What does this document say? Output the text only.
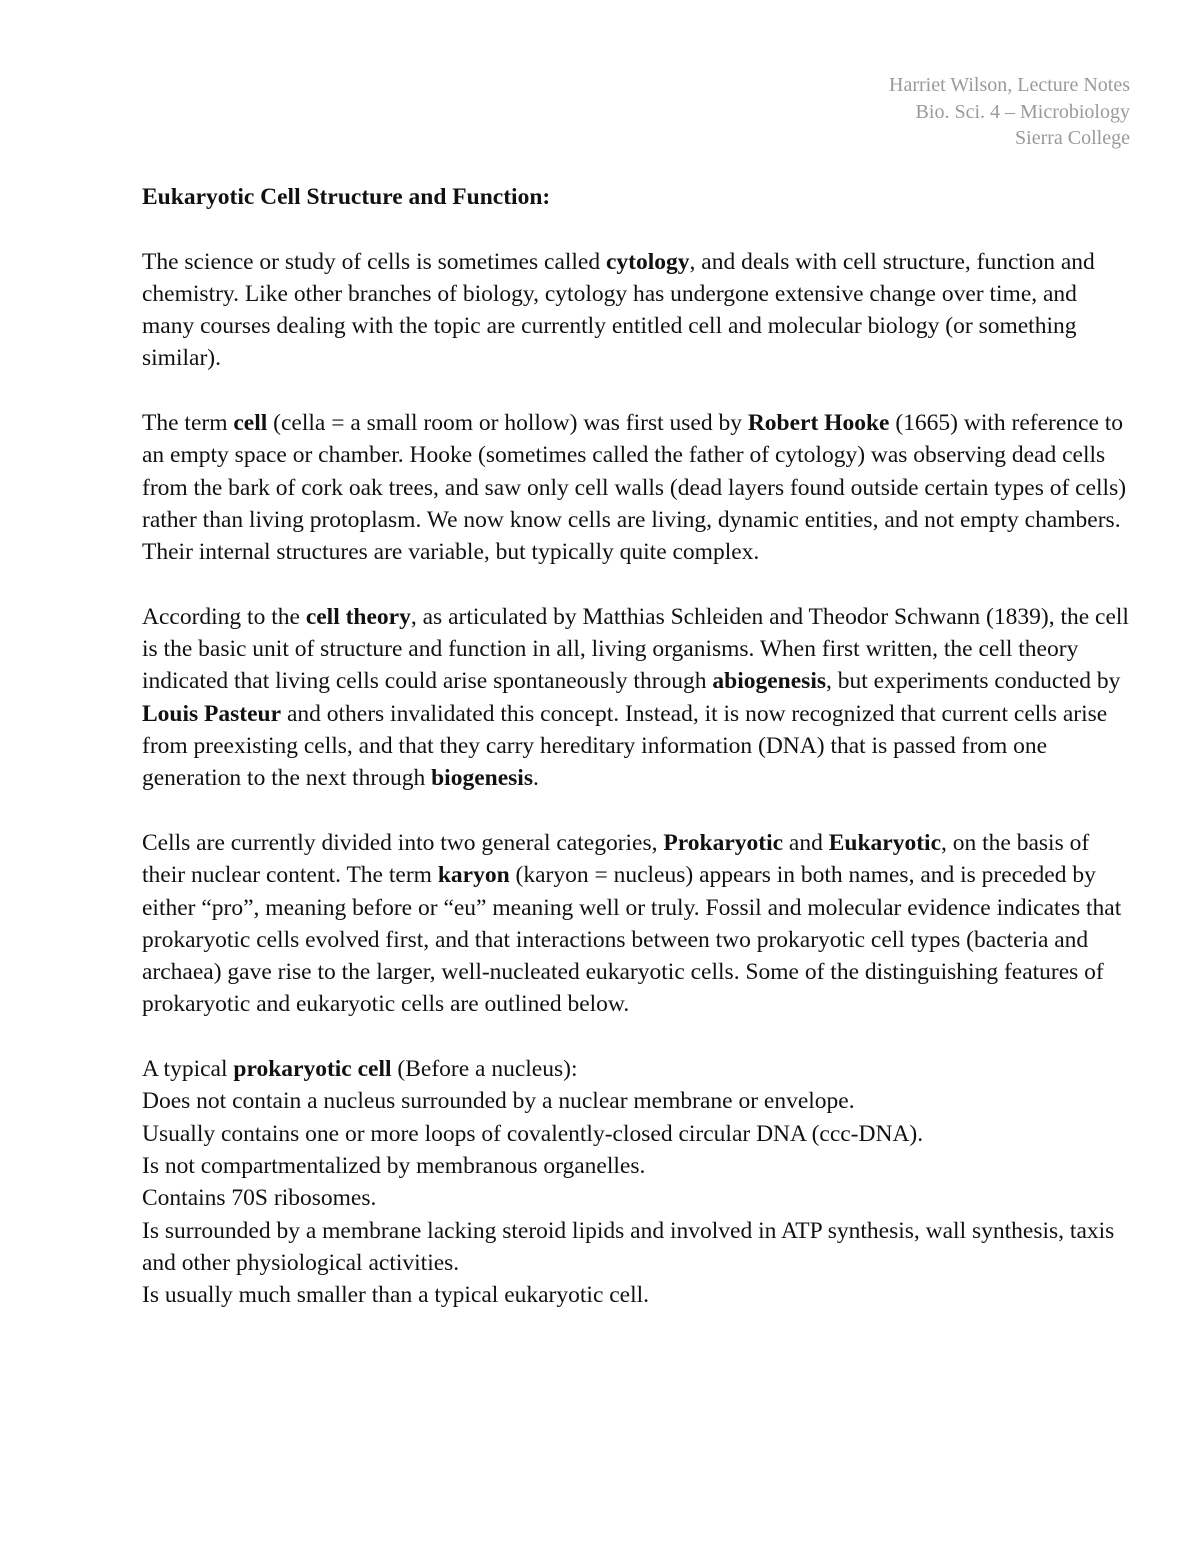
Harriet Wilson, Lecture Notes
Bio. Sci. 4 – Microbiology
Sierra College
Eukaryotic Cell Structure and Function:

The science or study of cells is sometimes called cytology, and deals with cell structure, function and chemistry. Like other branches of biology, cytology has undergone extensive change over time, and many courses dealing with the topic are currently entitled cell and molecular biology (or something similar).

The term cell (cella = a small room or hollow) was first used by Robert Hooke (1665) with reference to an empty space or chamber. Hooke (sometimes called the father of cytology) was observing dead cells from the bark of cork oak trees, and saw only cell walls (dead layers found outside certain types of cells) rather than living protoplasm. We now know cells are living, dynamic entities, and not empty chambers. Their internal structures are variable, but typically quite complex.

According to the cell theory, as articulated by Matthias Schleiden and Theodor Schwann (1839), the cell is the basic unit of structure and function in all, living organisms. When first written, the cell theory indicated that living cells could arise spontaneously through abiogenesis, but experiments conducted by Louis Pasteur and others invalidated this concept. Instead, it is now recognized that current cells arise from preexisting cells, and that they carry hereditary information (DNA) that is passed from one generation to the next through biogenesis.

Cells are currently divided into two general categories, Prokaryotic and Eukaryotic, on the basis of their nuclear content. The term karyon (karyon = nucleus) appears in both names, and is preceded by either “pro”, meaning before or “eu” meaning well or truly. Fossil and molecular evidence indicates that prokaryotic cells evolved first, and that interactions between two prokaryotic cell types (bacteria and archaea) gave rise to the larger, well-nucleated eukaryotic cells. Some of the distinguishing features of prokaryotic and eukaryotic cells are outlined below.

A typical prokaryotic cell (Before a nucleus):
Does not contain a nucleus surrounded by a nuclear membrane or envelope.
Usually contains one or more loops of covalently-closed circular DNA (ccc-DNA).
Is not compartmentalized by membranous organelles.
Contains 70S ribosomes.
Is surrounded by a membrane lacking steroid lipids and involved in ATP synthesis, wall synthesis, taxis and other physiological activities.
Is usually much smaller than a typical eukaryotic cell.
